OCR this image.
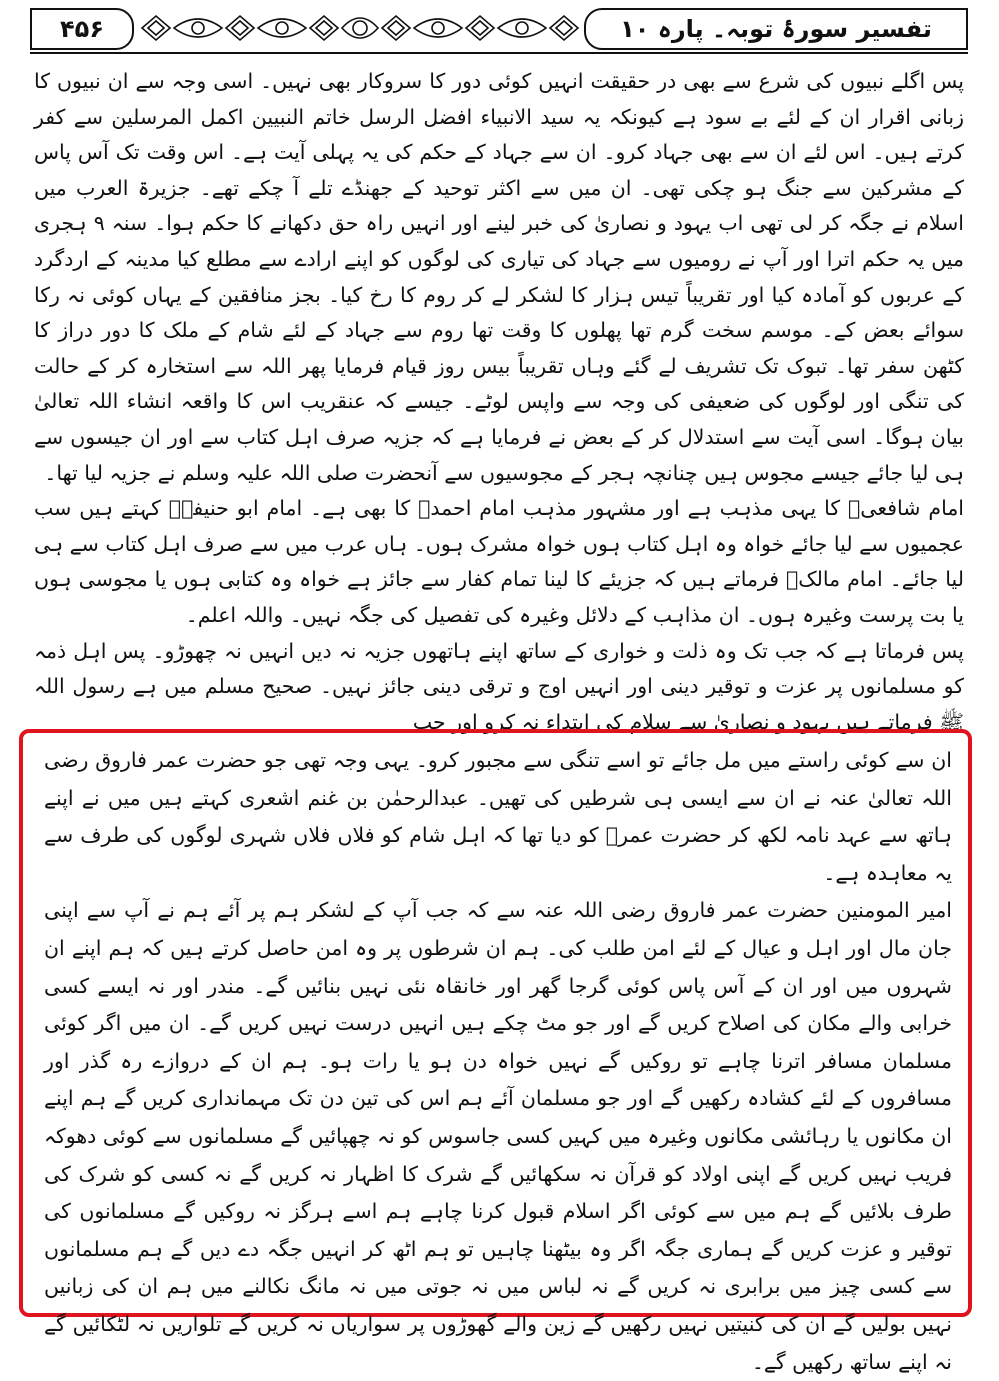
۴۵۶	تفسیر سورۂ توبہ۔ پارہ ۱۰

پس اگلے نبیوں کی شرع سے بھی در حقیقت انہیں کوئی دور کا سروکار بھی نہیں۔ اسی وجہ سے ان نبیوں کا زبانی اقرار ان کے لئے بے سود ہے کیونکہ یہ سید الانبیاء افضل الرسل خاتم النبیین اکمل المرسلین سے کفر کرتے ہیں۔ اس لئے ان سے بھی جہاد کرو۔ ان سے جہاد کے حکم کی یہ پہلی آیت ہے۔ اس وقت تک آس پاس کے مشرکین سے جنگ ہو چکی تھی۔ ان میں سے اکثر توحید کے جھنڈے تلے آ چکے تھے۔ جزیرۃ العرب میں اسلام نے جگہ کر لی تھی اب یہود و نصاریٰ کی خبر لینے اور انہیں راہ حق دکھانے کا حکم ہوا۔ سنہ ۹ ہجری میں یہ حکم اترا اور آپ نے رومیوں سے جہاد کی تیاری کی لوگوں کو اپنے ارادے سے مطلع کیا مدینہ کے اردگرد کے عربوں کو آمادہ کیا اور تقریباً تیس ہزار کا لشکر لے کر روم کا رخ کیا۔ بجز منافقین کے یہاں کوئی نہ رکا سوائے بعض کے۔ موسم سخت گرم تھا پھلوں کا وقت تھا روم سے جہاد کے لئے شام کے ملک کا دور دراز کا کٹھن سفر تھا۔ تبوک تک تشریف لے گئے وہاں تقریباً بیس روز قیام فرمایا پھر اللہ سے استخارہ کر کے حالت کی تنگی اور لوگوں کی ضعیفی کی وجہ سے واپس لوٹے۔ جیسے کہ عنقریب اس کا واقعہ انشاء اللہ تعالیٰ بیان ہوگا۔ اسی آیت سے استدلال کر کے بعض نے فرمایا ہے کہ جزیہ صرف اہل کتاب سے اور ان جیسوں سے ہی لیا جائے جیسے مجوس ہیں چنانچہ ہجر کے مجوسیوں سے آنحضرت صلی اللہ علیہ وسلم نے جزیہ لیا تھا۔

امام شافعیؒ کا یہی مذہب ہے اور مشہور مذہب امام احمدؒ کا بھی ہے۔ امام ابو حنیفہؒ کہتے ہیں سب عجمیوں سے لیا جائے خواہ وہ اہل کتاب ہوں خواہ مشرک ہوں۔ ہاں عرب میں سے صرف اہل کتاب سے ہی لیا جائے۔ امام مالکؒ فرماتے ہیں کہ جزیئے کا لینا تمام کفار سے جائز ہے خواہ وہ کتابی ہوں یا مجوسی ہوں یا بت پرست وغیرہ ہوں۔ ان مذاہب کے دلائل وغیرہ کی تفصیل کی جگہ نہیں۔ واللہ اعلم۔

پس فرماتا ہے کہ جب تک وہ ذلت و خواری کے ساتھ اپنے ہاتھوں جزیہ نہ دیں انہیں نہ چھوڑو۔ پس اہل ذمہ کو مسلمانوں پر عزت و توقیر دینی اور انہیں اوج و ترقی دینی جائز نہیں۔ صحیح مسلم میں ہے رسول اللہ ﷺ فرماتے ہیں یہود و نصاریٰ سے سلام کی ابتداء نہ کرو اور جب

ان سے کوئی راستے میں مل جائے تو اسے تنگی سے مجبور کرو۔ یہی وجہ تھی جو حضرت عمر فاروق رضی اللہ تعالیٰ عنہ نے ان سے ایسی ہی شرطیں کی تھیں۔ عبدالرحمٰن بن غنم اشعری کہتے ہیں میں نے اپنے ہاتھ سے عہد نامہ لکھ کر حضرت عمرؓ کو دیا تھا کہ اہل شام کو فلاں فلاں شہری لوگوں کی طرف سے یہ معاہدہ ہے۔

امیر المومنین حضرت عمر فاروق رضی اللہ عنہ سے کہ جب آپ کے لشکر ہم پر آئے ہم نے آپ سے اپنی جان مال اور اہل و عیال کے لئے امن طلب کی۔ ہم ان شرطوں پر وہ امن حاصل کرتے ہیں کہ ہم اپنے ان شہروں میں اور ان کے آس پاس کوئی گرجا گھر اور خانقاہ نئی نہیں بنائیں گے۔ مندر اور نہ ایسے کسی خرابی والے مکان کی اصلاح کریں گے اور جو مٹ چکے ہیں انہیں درست نہیں کریں گے۔ ان میں اگر کوئی مسلمان مسافر اترنا چاہے تو روکیں گے نہیں خواہ دن ہو یا رات ہو۔ ہم ان کے دروازے رہ گذر اور مسافروں کے لئے کشادہ رکھیں گے اور جو مسلمان آئے ہم اس کی تین دن تک مہمانداری کریں گے ہم اپنے ان مکانوں یا رہائشی مکانوں وغیرہ میں کہیں کسی جاسوس کو نہ چھپائیں گے مسلمانوں سے کوئی دھوکہ فریب نہیں کریں گے اپنی اولاد کو قرآن نہ سکھائیں گے شرک کا اظہار نہ کریں گے نہ کسی کو شرک کی طرف بلائیں گے ہم میں سے کوئی اگر اسلام قبول کرنا چاہے ہم اسے ہرگز نہ روکیں گے مسلمانوں کی توقیر و عزت کریں گے ہماری جگہ اگر وہ بیٹھنا چاہیں تو ہم اٹھ کر انہیں جگہ دے دیں گے ہم مسلمانوں سے کسی چیز میں برابری نہ کریں گے نہ لباس میں نہ جوتی میں نہ مانگ نکالنے میں ہم ان کی زبانیں نہیں بولیں گے ان کی کنیتیں نہیں رکھیں گے زین والے گھوڑوں پر سواریاں نہ کریں گے تلواریں نہ لٹکائیں گے نہ اپنے ساتھ رکھیں گے۔
